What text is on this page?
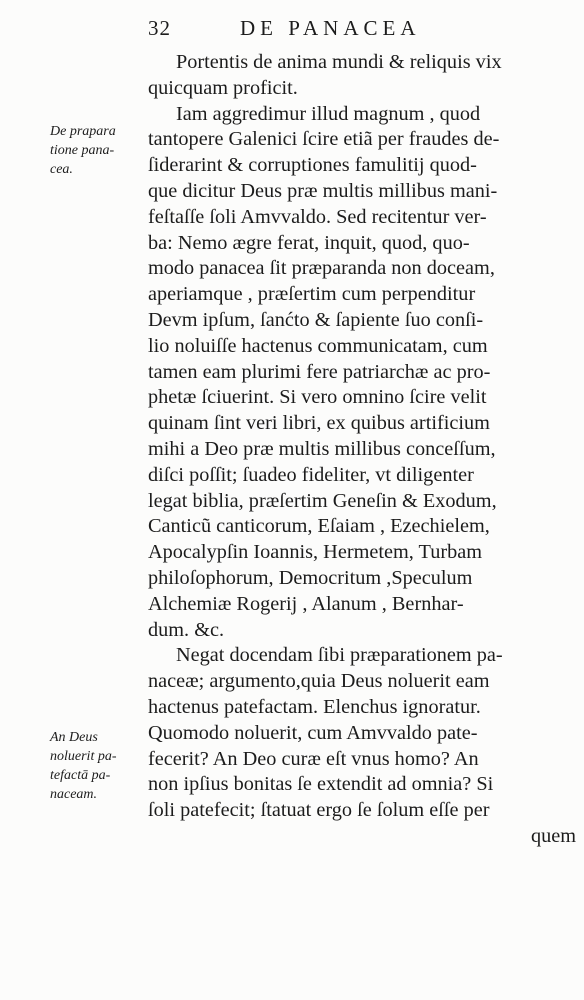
32	DE PANACEA
De prapara
tione pana-
cea.
An Deus
noluerit pa-
tefactā pa-
naceam.
Portentis de anima mundi & reliquis vix
quicquam proficit.
Iam aggredimur illud magnum , quod
tantopere Galenici ſcire etiã per fraudes de-
ſiderarint & corruptiones famulitij quod-
que dicitur Deus præ multis millibus mani-
feſtaſſe ſoli Amvvaldo. Sed recitentur ver-
ba: Nemo ægre ferat, inquit, quod, quo-
modo panacea ſit præparanda non doceam,
aperiamque , præſertim cum perpenditur
Devm ipſum, ſanćto & ſapiente ſuo conſi-
lio noluiſſe hactenus communicatam, cum
tamen eam plurimi fere patriarchæ ac pro-
phetæ ſciuerint. Si vero omnino ſcire velit
quinam ſint veri libri, ex quibus artificium
mihi a Deo præ multis millibus conceſſum,
diſci poſſit; ſuadeo fideliter, vt diligenter
legat biblia, præſertim Geneſin & Exodum,
Canticũ canticorum, Eſaiam , Ezechielem,
Apocalypſin Ioannis, Hermetem, Turbam
philoſophorum, Democritum ,Speculum
Alchemiæ Rogerij , Alanum , Bernhar-
dum. &c.
Negat docendam ſibi præparationem pa-
naceæ; argumento,quia Deus noluerit eam
hactenus patefactam. Elenchus ignoratur.
Quomodo noluerit, cum Amvvaldo pate-
fecerit? An Deo curæ eſt vnus homo? An
non ipſius bonitas ſe extendit ad omnia? Si
ſoli patefecit; ſtatuat ergo ſe ſolum eſſe per
quem
